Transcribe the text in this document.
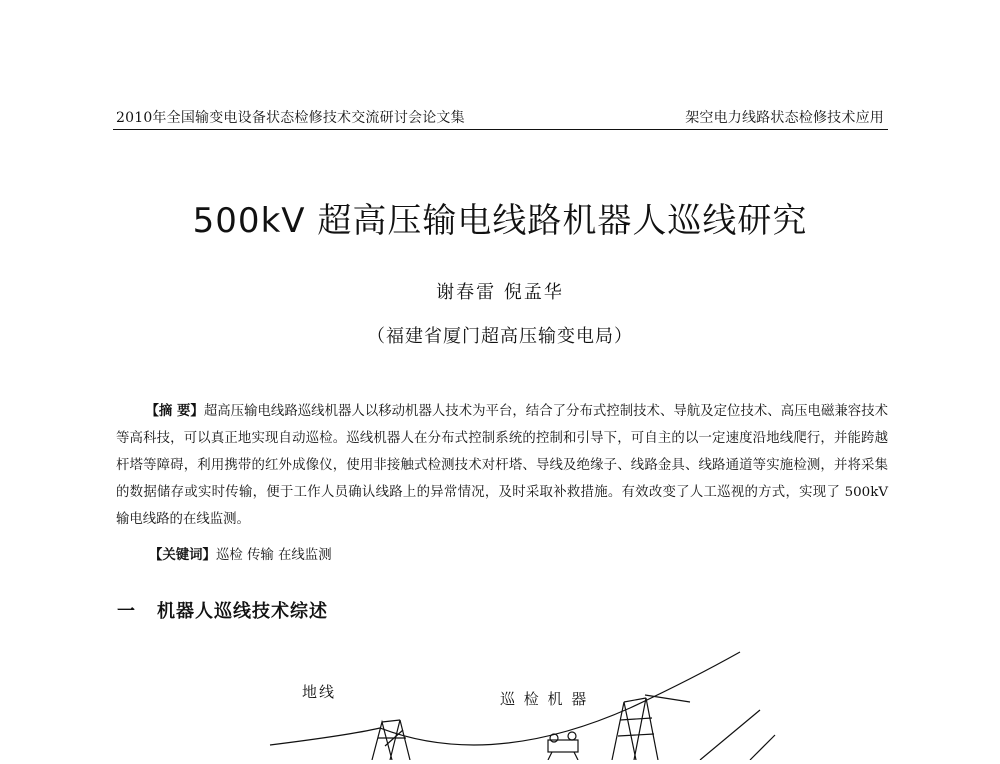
2010年全国输变电设备状态检修技术交流研讨会论文集	架空电力线路状态检修技术应用
500kV 超高压输电线路机器人巡线研究
谢春雷 倪孟华
（福建省厦门超高压输变电局）

【摘 要】超高压输电线路巡线机器人以移动机器人技术为平台，结合了分布式控制技术、导航及定位技术、高压电磁兼容技术等高科技，可以真正地实现自动巡检。巡线机器人在分布式控制系统的控制和引导下，可自主的以一定速度沿地线爬行，并能跨越杆塔等障碍，利用携带的红外成像仪，使用非接触式检测技术对杆塔、导线及绝缘子、线路金具、线路通道等实施检测，并将采集的数据储存或实时传输，便于工作人员确认线路上的异常情况，及时采取补救措施。有效改变了人工巡视的方式，实现了 500kV 输电线路的在线监测。

【关键词】巡检 传输 在线监测
一 机器人巡线技术综述
地线	巡 检 机 器
